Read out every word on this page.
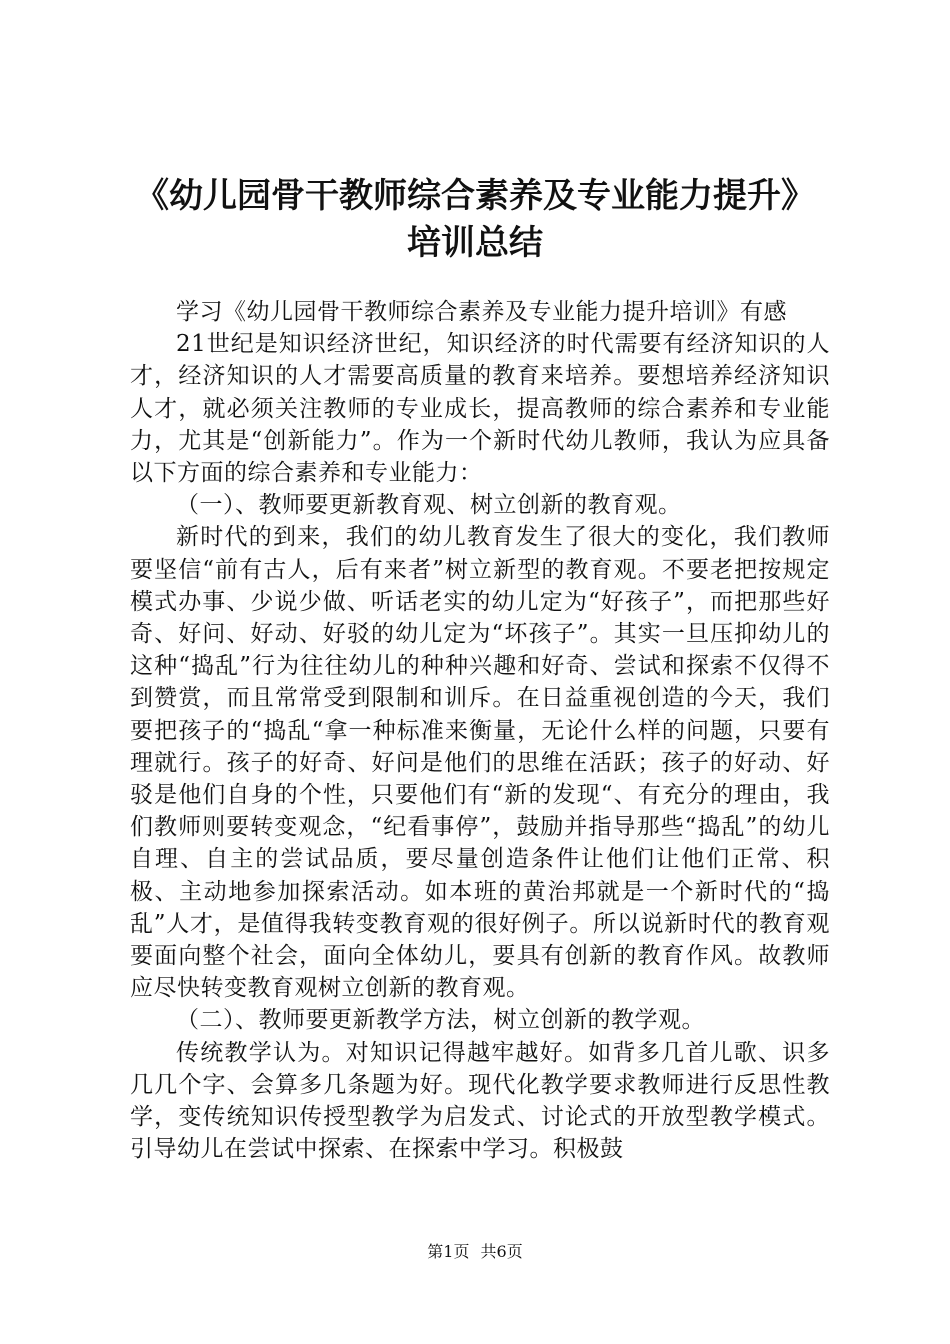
《幼儿园骨干教师综合素养及专业能力提升》
培训总结

学习《幼儿园骨干教师综合素养及专业能力提升培训》有感

21世纪是知识经济世纪，知识经济的时代需要有经济知识的人才，经济知识的人才需要高质量的教育来培养。要想培养经济知识人才，就必须关注教师的专业成长，提高教师的综合素养和专业能力，尤其是“创新能力”。作为一个新时代幼儿教师，我认为应具备以下方面的综合素养和专业能力：

（一）、教师要更新教育观、树立创新的教育观。

新时代的到来，我们的幼儿教育发生了很大的变化，我们教师要坚信“前有古人，后有来者”树立新型的教育观。不要老把按规定模式办事、少说少做、听话老实的幼儿定为“好孩子”，而把那些好奇、好问、好动、好驳的幼儿定为“坏孩子”。其实一旦压抑幼儿的这种“捣乱”行为往往幼儿的种种兴趣和好奇、尝试和探索不仅得不到赞赏，而且常常受到限制和训斥。在日益重视创造的今天，我们要把孩子的“捣乱“拿一种标准来衡量，无论什么样的问题，只要有理就行。孩子的好奇、好问是他们的思维在活跃；孩子的好动、好驳是他们自身的个性，只要他们有“新的发现“、有充分的理由，我们教师则要转变观念，“纪看事停”，鼓励并指导那些“捣乱”的幼儿自理、自主的尝试品质，要尽量创造条件让他们让他们正常、积极、主动地参加探索活动。如本班的黄治邦就是一个新时代的“捣乱”人才，是值得我转变教育观的很好例子。所以说新时代的教育观要面向整个社会，面向全体幼儿，要具有创新的教育作风。故教师应尽快转变教育观树立创新的教育观。

（二）、教师要更新教学方法，树立创新的教学观。

传统教学认为。对知识记得越牢越好。如背多几首儿歌、识多几几个字、会算多几条题为好。现代化教学要求教师进行反思性教学，变传统知识传授型教学为启发式、讨论式的开放型教学模式。引导幼儿在尝试中探索、在探索中学习。积极鼓

第1页 共6页
